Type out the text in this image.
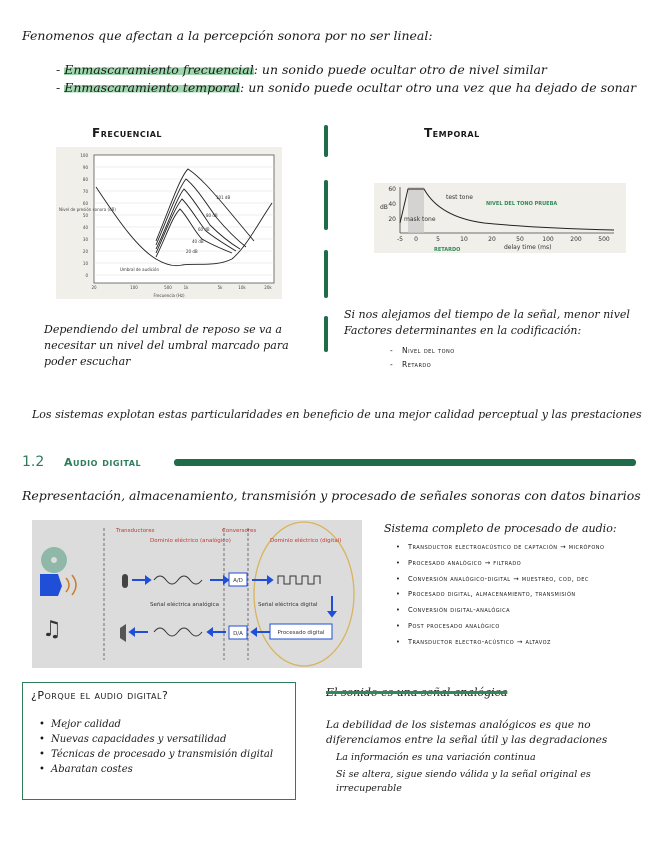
Fenomenos que afectan a la percepción sonora por no ser lineal:
- Enmascaramiento frecuencial: un sonido puede ocultar otro de nivel similar
- Enmascaramiento temporal: un sonido puede ocultar otro una vez que ha dejado de sonar
Frecuencial
100
90
80
70
60
50
40
30
20
10
0
20	100	500	1k	5k	10k	20k
Frecuencia (Hz)
Nivel de presión sonora (dB)
101 dB
80 dB
60 dB
40 dB
20 dB
Umbral de audición
Dependiendo del umbral de reposo se va a necesitar un nivel del umbral marcado para poder escuchar
Temporal
60
40
20
dB
-5 0	5	10	20	50	100	200	500
delay time (ms)
mask tone
test tone
NIVEL DEL TONO PRUEBA
RETARDO
Si nos alejamos del tiempo de la señal, menor nivel
Factores determinantes en la codificación:
- Nivel del tono
- Retardo
Los sistemas explotan estas particularidades en beneficio de una mejor calidad perceptual y las prestaciones
1.2 Audio digital
Representación, almacenamiento, transmisión y procesado de señales sonoras con datos binarios
Transductores
Dominio eléctrico (analógico)
Conversores
Dominio eléctrico (digital)
♫
A/D
D/A	Procesado digital
Señal eléctrica analógica	Señal eléctrica digital
Sistema completo de procesado de audio:
• Transductor electroacústico de captación → micrófono
• Procesado analógico → filtrado
• Conversión analógico-digital → muestreo, cod, dec
• Procesado digital, almacenamiento, transmisión
• Conversión digital-analógica
• Post procesado analógico
• Transductor electro-acústico → altavoz
¿Porque el audio digital?
• Mejor calidad
• Nuevas capacidades y versatilidad
• Técnicas de procesado y transmisión digital
• Abaratan costes
El sonido es una señal analógica
La debilidad de los sistemas analógicos es que no diferenciamos entre la señal útil y las degradaciones
La información es una variación continua
Si se altera, sigue siendo válida y la señal original es irrecuperable
